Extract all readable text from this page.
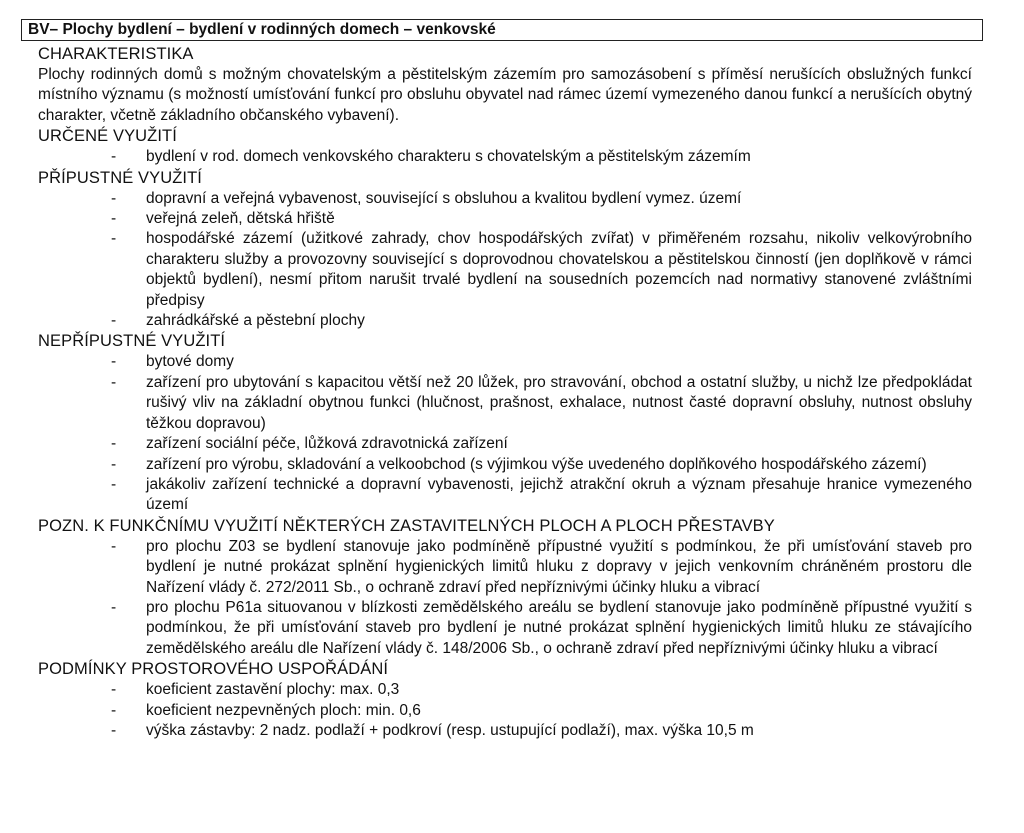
BV– Plochy bydlení – bydlení v rodinných domech – venkovské
CHARAKTERISTIKA
Plochy rodinných domů s možným chovatelským a pěstitelským zázemím pro samozásobení s příměsí nerušících obslužných funkcí místního významu (s možností umísťování funkcí pro obsluhu obyvatel nad rámec území vymezeného danou funkcí a nerušících obytný charakter, včetně základního občanského vybavení).
URČENÉ VYUŽITÍ
- bydlení v rod. domech venkovského charakteru s chovatelským a pěstitelským zázemím
PŘÍPUSTNÉ VYUŽITÍ
- dopravní a veřejná vybavenost, související s obsluhou a kvalitou bydlení vymez. území
- veřejná zeleň, dětská hřiště
- hospodářské zázemí (užitkové zahrady, chov hospodářských zvířat) v přiměřeném rozsahu, nikoliv velkovýrobního charakteru služby a provozovny související s doprovodnou chovatelskou a pěstitelskou činností (jen doplňkově v rámci objektů bydlení), nesmí přitom narušit trvalé bydlení na sousedních pozemcích nad normativy stanovené zvláštními předpisy
- zahrádkářské a pěstební plochy
NEPŘÍPUSTNÉ VYUŽITÍ
- bytové domy
- zařízení pro ubytování s kapacitou větší než 20 lůžek, pro stravování, obchod a ostatní služby, u nichž lze předpokládat rušivý vliv na základní obytnou funkci (hlučnost, prašnost, exhalace, nutnost časté dopravní obsluhy, nutnost obsluhy těžkou dopravou)
- zařízení sociální péče, lůžková zdravotnická zařízení
- zařízení pro výrobu, skladování a velkoobchod (s výjimkou výše uvedeného doplňkového hospodářského zázemí)
- jakákoliv zařízení technické a dopravní vybavenosti, jejichž atrakční okruh a význam přesahuje hranice vymezeného území
POZN. K FUNKČNÍMU VYUŽITÍ NĚKTERÝCH ZASTAVITELNÝCH PLOCH A PLOCH PŘESTAVBY
- pro plochu Z03 se bydlení stanovuje jako podmíněně přípustné využití s podmínkou, že při umísťování staveb pro bydlení je nutné prokázat splnění hygienických limitů hluku z dopravy v jejich venkovním chráněném prostoru dle Nařízení vlády č. 272/2011 Sb., o ochraně zdraví před nepříznivými účinky hluku a vibrací
- pro plochu P61a situovanou v blízkosti zemědělského areálu se bydlení stanovuje jako podmíněně přípustné využití s podmínkou, že při umísťování staveb pro bydlení je nutné prokázat splnění hygienických limitů hluku ze stávajícího zemědělského areálu dle Nařízení vlády č. 148/2006 Sb., o ochraně zdraví před nepříznivými účinky hluku a vibrací
PODMÍNKY PROSTOROVÉHO USPOŘÁDÁNÍ
- koeficient zastavění plochy: max. 0,3
- koeficient nezpevněných ploch: min. 0,6
- výška zástavby: 2 nadz. podlaží + podkroví (resp. ustupující podlaží), max. výška 10,5 m
